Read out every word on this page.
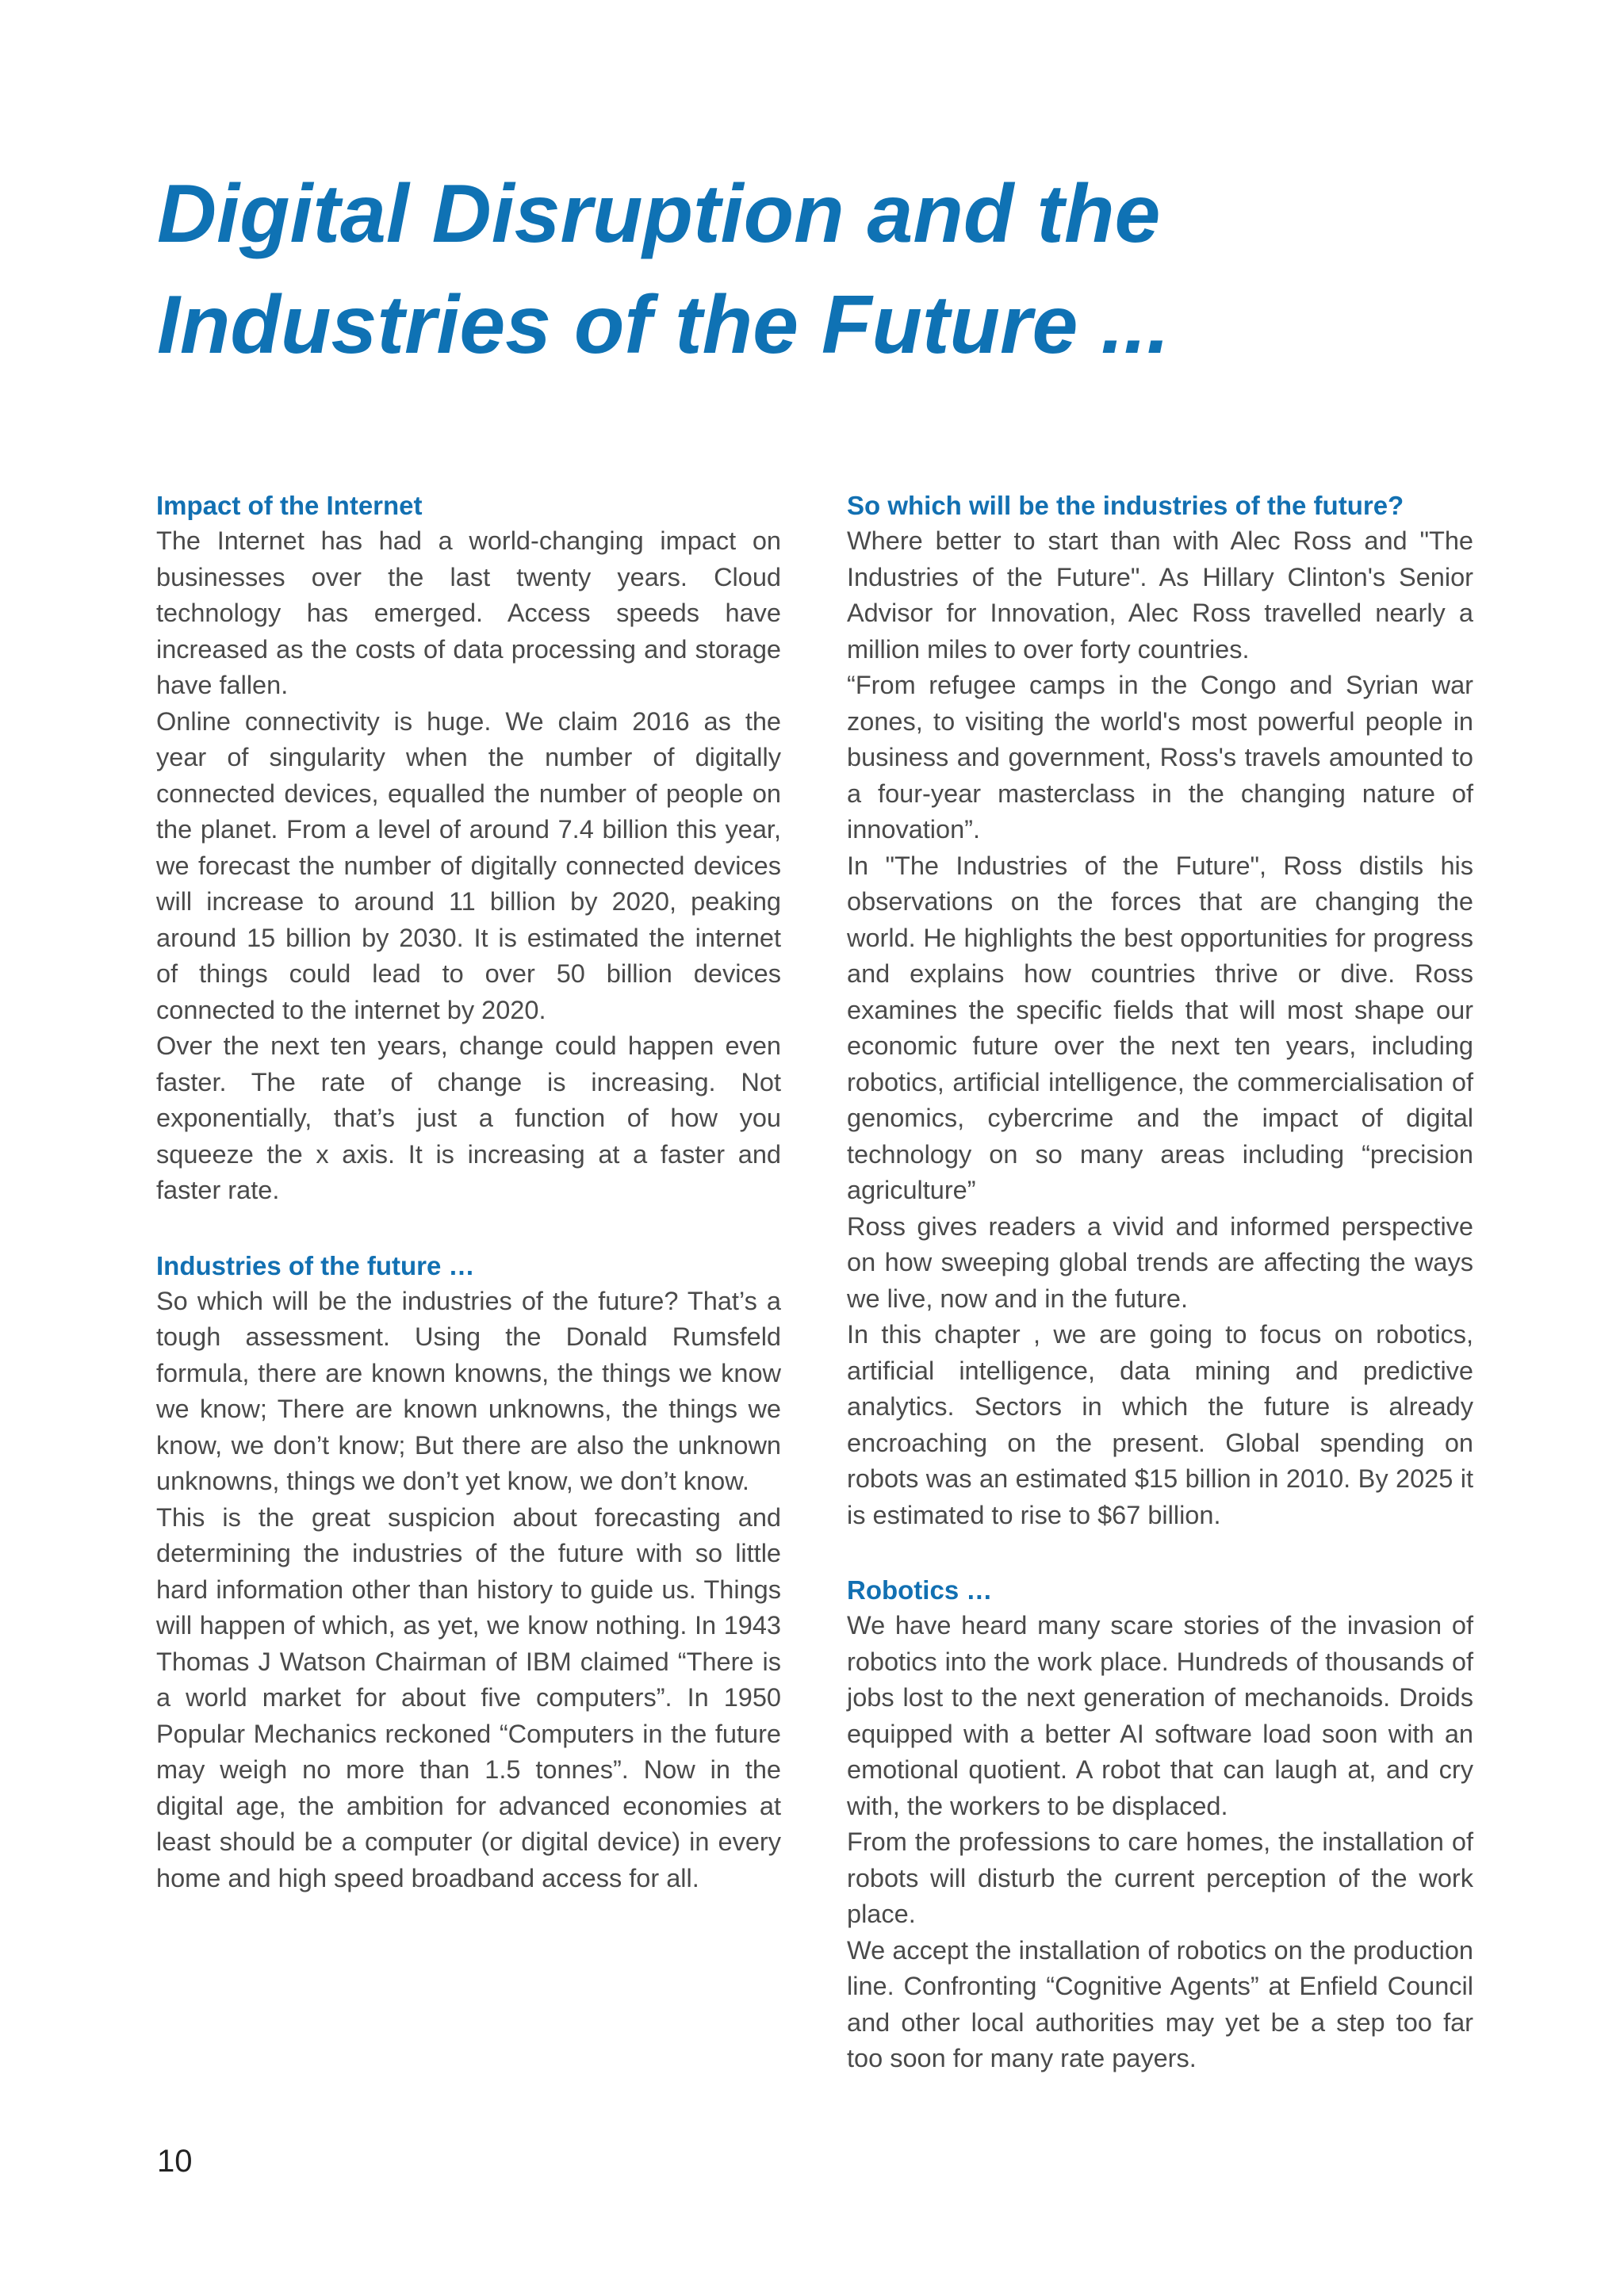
Digital Disruption and the
Industries of the Future ...
Impact of the Internet

The Internet has had a world-changing impact on businesses over the last twenty years. Cloud technology has emerged. Access speeds have increased as the costs of data processing and storage have fallen.

Online connectivity is huge. We claim 2016 as the year of singularity when the number of digitally connected devices, equalled the number of people on the planet. From a level of around 7.4 billion this year, we forecast the number of digitally connected devices will increase to around 11 billion by 2020, peaking around 15 billion by 2030. It is estimated the internet of things could lead to over 50 billion devices connected to the internet by 2020.

Over the next ten years, change could happen even faster. The rate of change is increasing. Not exponentially, that’s just a function of how you squeeze the x axis. It is increasing at a faster and faster rate.

Industries of the future …

So which will be the industries of the future? That’s a tough assessment. Using the Donald Rumsfeld formula, there are known knowns, the things we know we know; There are known unknowns, the things we know, we don’t know; But there are also the unknown unknowns, things we don’t yet know, we don’t know.

This is the great suspicion about forecasting and determining the industries of the future with so little hard information other than history to guide us. Things will happen of which, as yet, we know nothing. In 1943 Thomas J Watson Chairman of IBM claimed “There is a world market for about five computers”. In 1950 Popular Mechanics reckoned “Computers in the future may weigh no more than 1.5 tonnes”. Now in the digital age, the ambition for advanced economies at least should be a computer (or digital device) in every home and high speed broadband access for all.

So which will be the industries of the future?

Where better to start than with Alec Ross and "The Industries of the Future". As Hillary Clinton's Senior Advisor for Innovation, Alec Ross travelled nearly a million miles to over forty countries.

“From refugee camps in the Congo and Syrian war zones, to visiting the world's most powerful people in business and government, Ross's travels amounted to a four-year masterclass in the changing nature of innovation”.

In "The Industries of the Future", Ross distils his observations on the forces that are changing the world. He highlights the best opportunities for progress and explains how countries thrive or dive. Ross examines the specific fields that will most shape our economic future over the next ten years, including robotics, artificial intelligence, the commercialisation of genomics, cybercrime and the impact of digital technology on so many areas including “precision agriculture”

Ross gives readers a vivid and informed perspective on how sweeping global trends are affecting the ways we live, now and in the future.

In this chapter , we are going to focus on robotics, artificial intelligence, data mining and predictive analytics. Sectors in which the future is already encroaching on the present. Global spending on robots was an estimated $15 billion in 2010. By 2025 it is estimated to rise to $67 billion.

Robotics …

We have heard many scare stories of the invasion of robotics into the work place. Hundreds of thousands of jobs lost to the next generation of mechanoids. Droids equipped with a better AI software load soon with an emotional quotient. A robot that can laugh at, and cry with, the workers to be displaced.

From the professions to care homes, the installation of robots will disturb the current perception of the work place.

We accept the installation of robotics on the production line. Confronting “Cognitive Agents” at Enfield Council and other local authorities may yet be a step too far too soon for many rate payers.

10
